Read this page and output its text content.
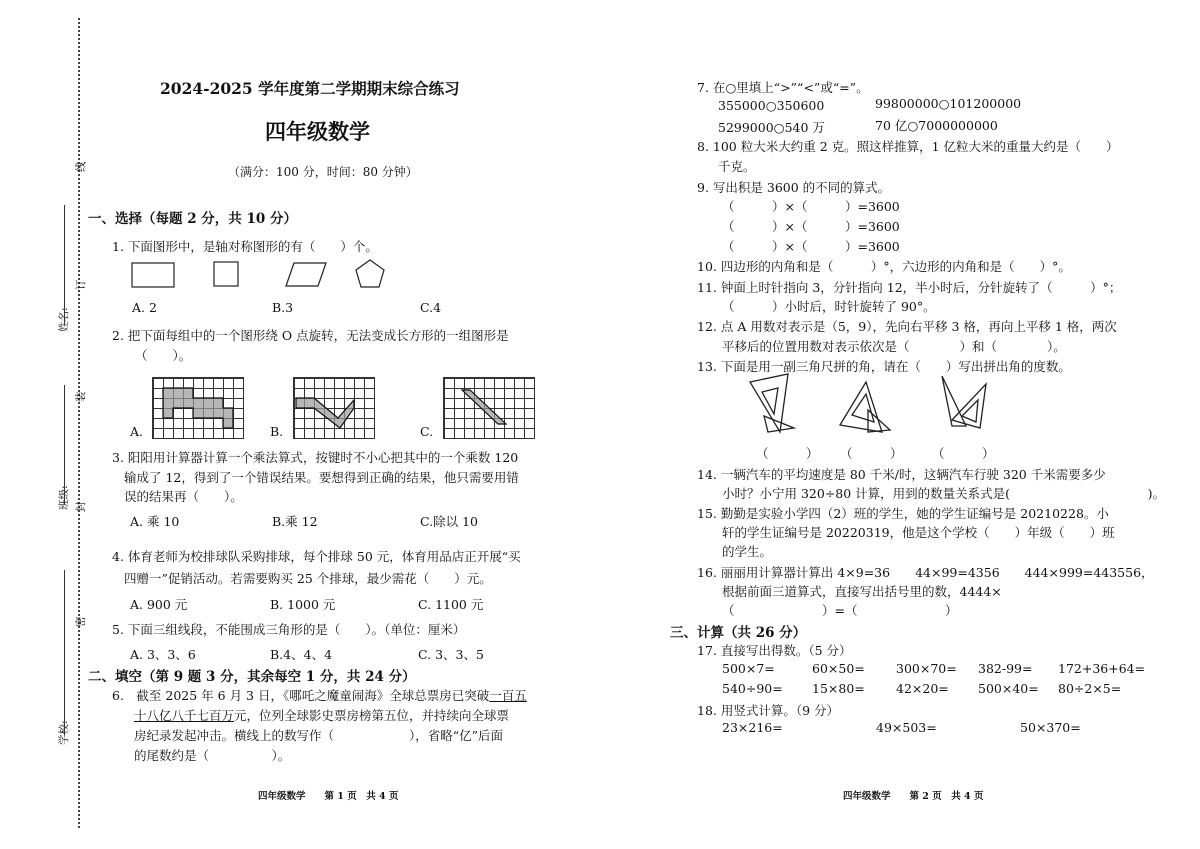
学校:
班级:
姓名:
线
订
装
封
密
2024-2025 学年度第二学期期末综合练习
四年级数学
（满分：100 分，时间：80 分钟）
一、选择（每题 2 分，共 10 分）
1. 下面图形中，是轴对称图形的有（　　）个。
A. 2	B.3	C.4
2. 把下面每组中的一个图形绕 O 点旋转，无法变成长方形的一组图形是
（　　）。
A.	B.	C.
3. 阳阳用计算器计算一个乘法算式，按键时不小心把其中的一个乘数 120
输成了 12，得到了一个错误结果。要想得到正确的结果，他只需要用错
误的结果再（　　）。
A. 乘 10	B.乘 12	C.除以 10
4. 体育老师为校排球队采购排球，每个排球 50 元，体育用品店正开展“买
四赠一”促销活动。若需要购买 25 个排球，最少需花（　　）元。
A. 900 元	B. 1000 元	C. 1100 元
5. 下面三组线段，不能围成三角形的是（　　）。（单位：厘米）
A. 3、3、6	B.4、4、4	C. 3、3、5
二、填空（第 9 题 3 分，其余每空 1 分，共 24 分）
6.　截至 2025 年 6 月 3 日，《哪吒之魔童闹海》全球总票房已突破一百五
十八亿八千七百万元，位列全球影史票房榜第五位，并持续向全球票
房纪录发起冲击。横线上的数写作（　　　　　　），省略“亿”后面
的尾数约是（　　　　　）。
四年级数学　　第 1 页　共 4 页
7. 在○里填上“>”“<”或“=”。
355000○350600	99800000○101200000
5299000○540 万	70 亿○7000000000
8. 100 粒大米大约重 2 克。照这样推算，1 亿粒大米的重量大约是（　　）
千克。
9. 写出积是 3600 的不同的算式。
（　　　）×（　　　）=3600
（　　　）×（　　　）=3600
（　　　）×（　　　）=3600
10. 四边形的内角和是（　　　）°，六边形的内角和是（　　）°。
11. 钟面上时针指向 3，分针指向 12，半小时后，分针旋转了（　　　）°；
（　　　）小时后，时针旋转了 90°。
12. 点 A 用数对表示是（5，9），先向右平移 3 格，再向上平移 1 格，两次
平移后的位置用数对表示依次是（　　　　）和（　　　　）。
13. 下面是用一副三角尺拼的角，请在（　　）写出拼出角的度数。
（　　　） （　　　） （　　　）
14. 一辆汽车的平均速度是 80 千米/时，这辆汽车行驶 320 千米需要多少
小时？小宁用 320÷80 计算，用到的数量关系式是(　　　　　　　　　　　)。
15. 勤勤是实验小学四（2）班的学生，她的学生证编号是 20210228。小
轩的学生证编号是 20220319，他是这个学校（　　）年级（　　）班
的学生。
16. 丽丽用计算器计算出 4×9=36　　44×99=4356　　444×999=443556，
根据前面三道算式，直接写出括号里的数，4444×
（　　　　　　　）=（　　　　　　　）
三、计算（共 26 分）
17. 直接写出得数。（5 分）
500×7=	60×50= 300×70= 382-99= 172+36+64=
540÷90= 15×80= 42×20= 500×40= 80÷2×5=
18. 用竖式计算。（9 分）
23×216=	49×503=	50×370=
四年级数学　　第 2 页　共 4 页
